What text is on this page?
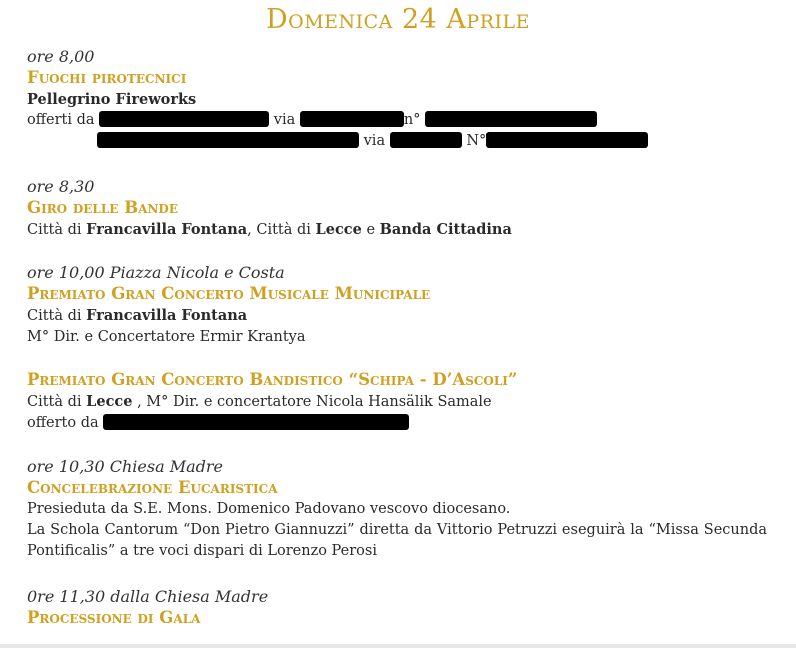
Domenica 24 Aprile
ore 8,00
Fuochi pirotecnici
Pellegrino Fireworks
offerti da	via	n°
via	N°
ore 8,30
Giro delle Bande
Città di Francavilla Fontana, Città di Lecce e Banda Cittadina
ore 10,00 Piazza Nicola e Costa
Premiato Gran Concerto Musicale Municipale
Città di Francavilla Fontana
M° Dir. e Concertatore Ermir Krantya
Premiato Gran Concerto Bandistico “Schipa - D’Ascoli”
Città di Lecce , M° Dir. e concertatore Nicola Hansälik Samale
offerto da
ore 10,30 Chiesa Madre
Concelebrazione Eucaristica
Presieduta da S.E. Mons. Domenico Padovano vescovo diocesano.
La Schola Cantorum “Don Pietro Giannuzzi” diretta da Vittorio Petruzzi eseguirà la “Missa Secunda Pontificalis” a tre voci dispari di Lorenzo Perosi
0re 11,30 dalla Chiesa Madre
Processione di Gala
